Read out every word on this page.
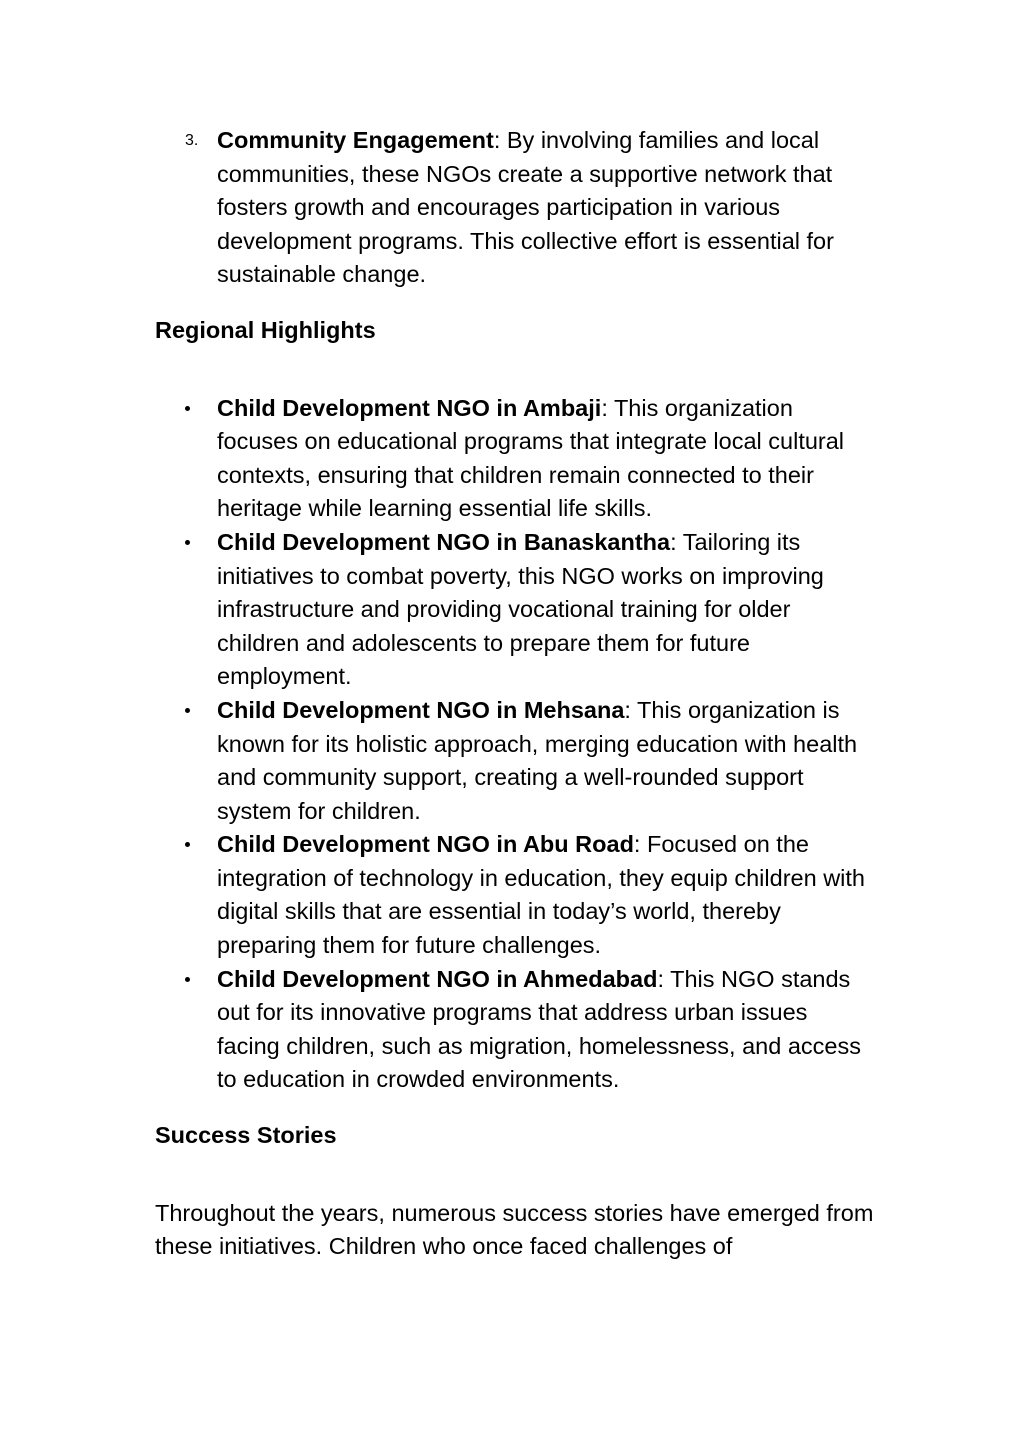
3. Community Engagement: By involving families and local communities, these NGOs create a supportive network that fosters growth and encourages participation in various development programs. This collective effort is essential for sustainable change.
Regional Highlights
Child Development NGO in Ambaji: This organization focuses on educational programs that integrate local cultural contexts, ensuring that children remain connected to their heritage while learning essential life skills.
Child Development NGO in Banaskantha: Tailoring its initiatives to combat poverty, this NGO works on improving infrastructure and providing vocational training for older children and adolescents to prepare them for future employment.
Child Development NGO in Mehsana: This organization is known for its holistic approach, merging education with health and community support, creating a well-rounded support system for children.
Child Development NGO in Abu Road: Focused on the integration of technology in education, they equip children with digital skills that are essential in today’s world, thereby preparing them for future challenges.
Child Development NGO in Ahmedabad: This NGO stands out for its innovative programs that address urban issues facing children, such as migration, homelessness, and access to education in crowded environments.
Success Stories
Throughout the years, numerous success stories have emerged from these initiatives. Children who once faced challenges of
